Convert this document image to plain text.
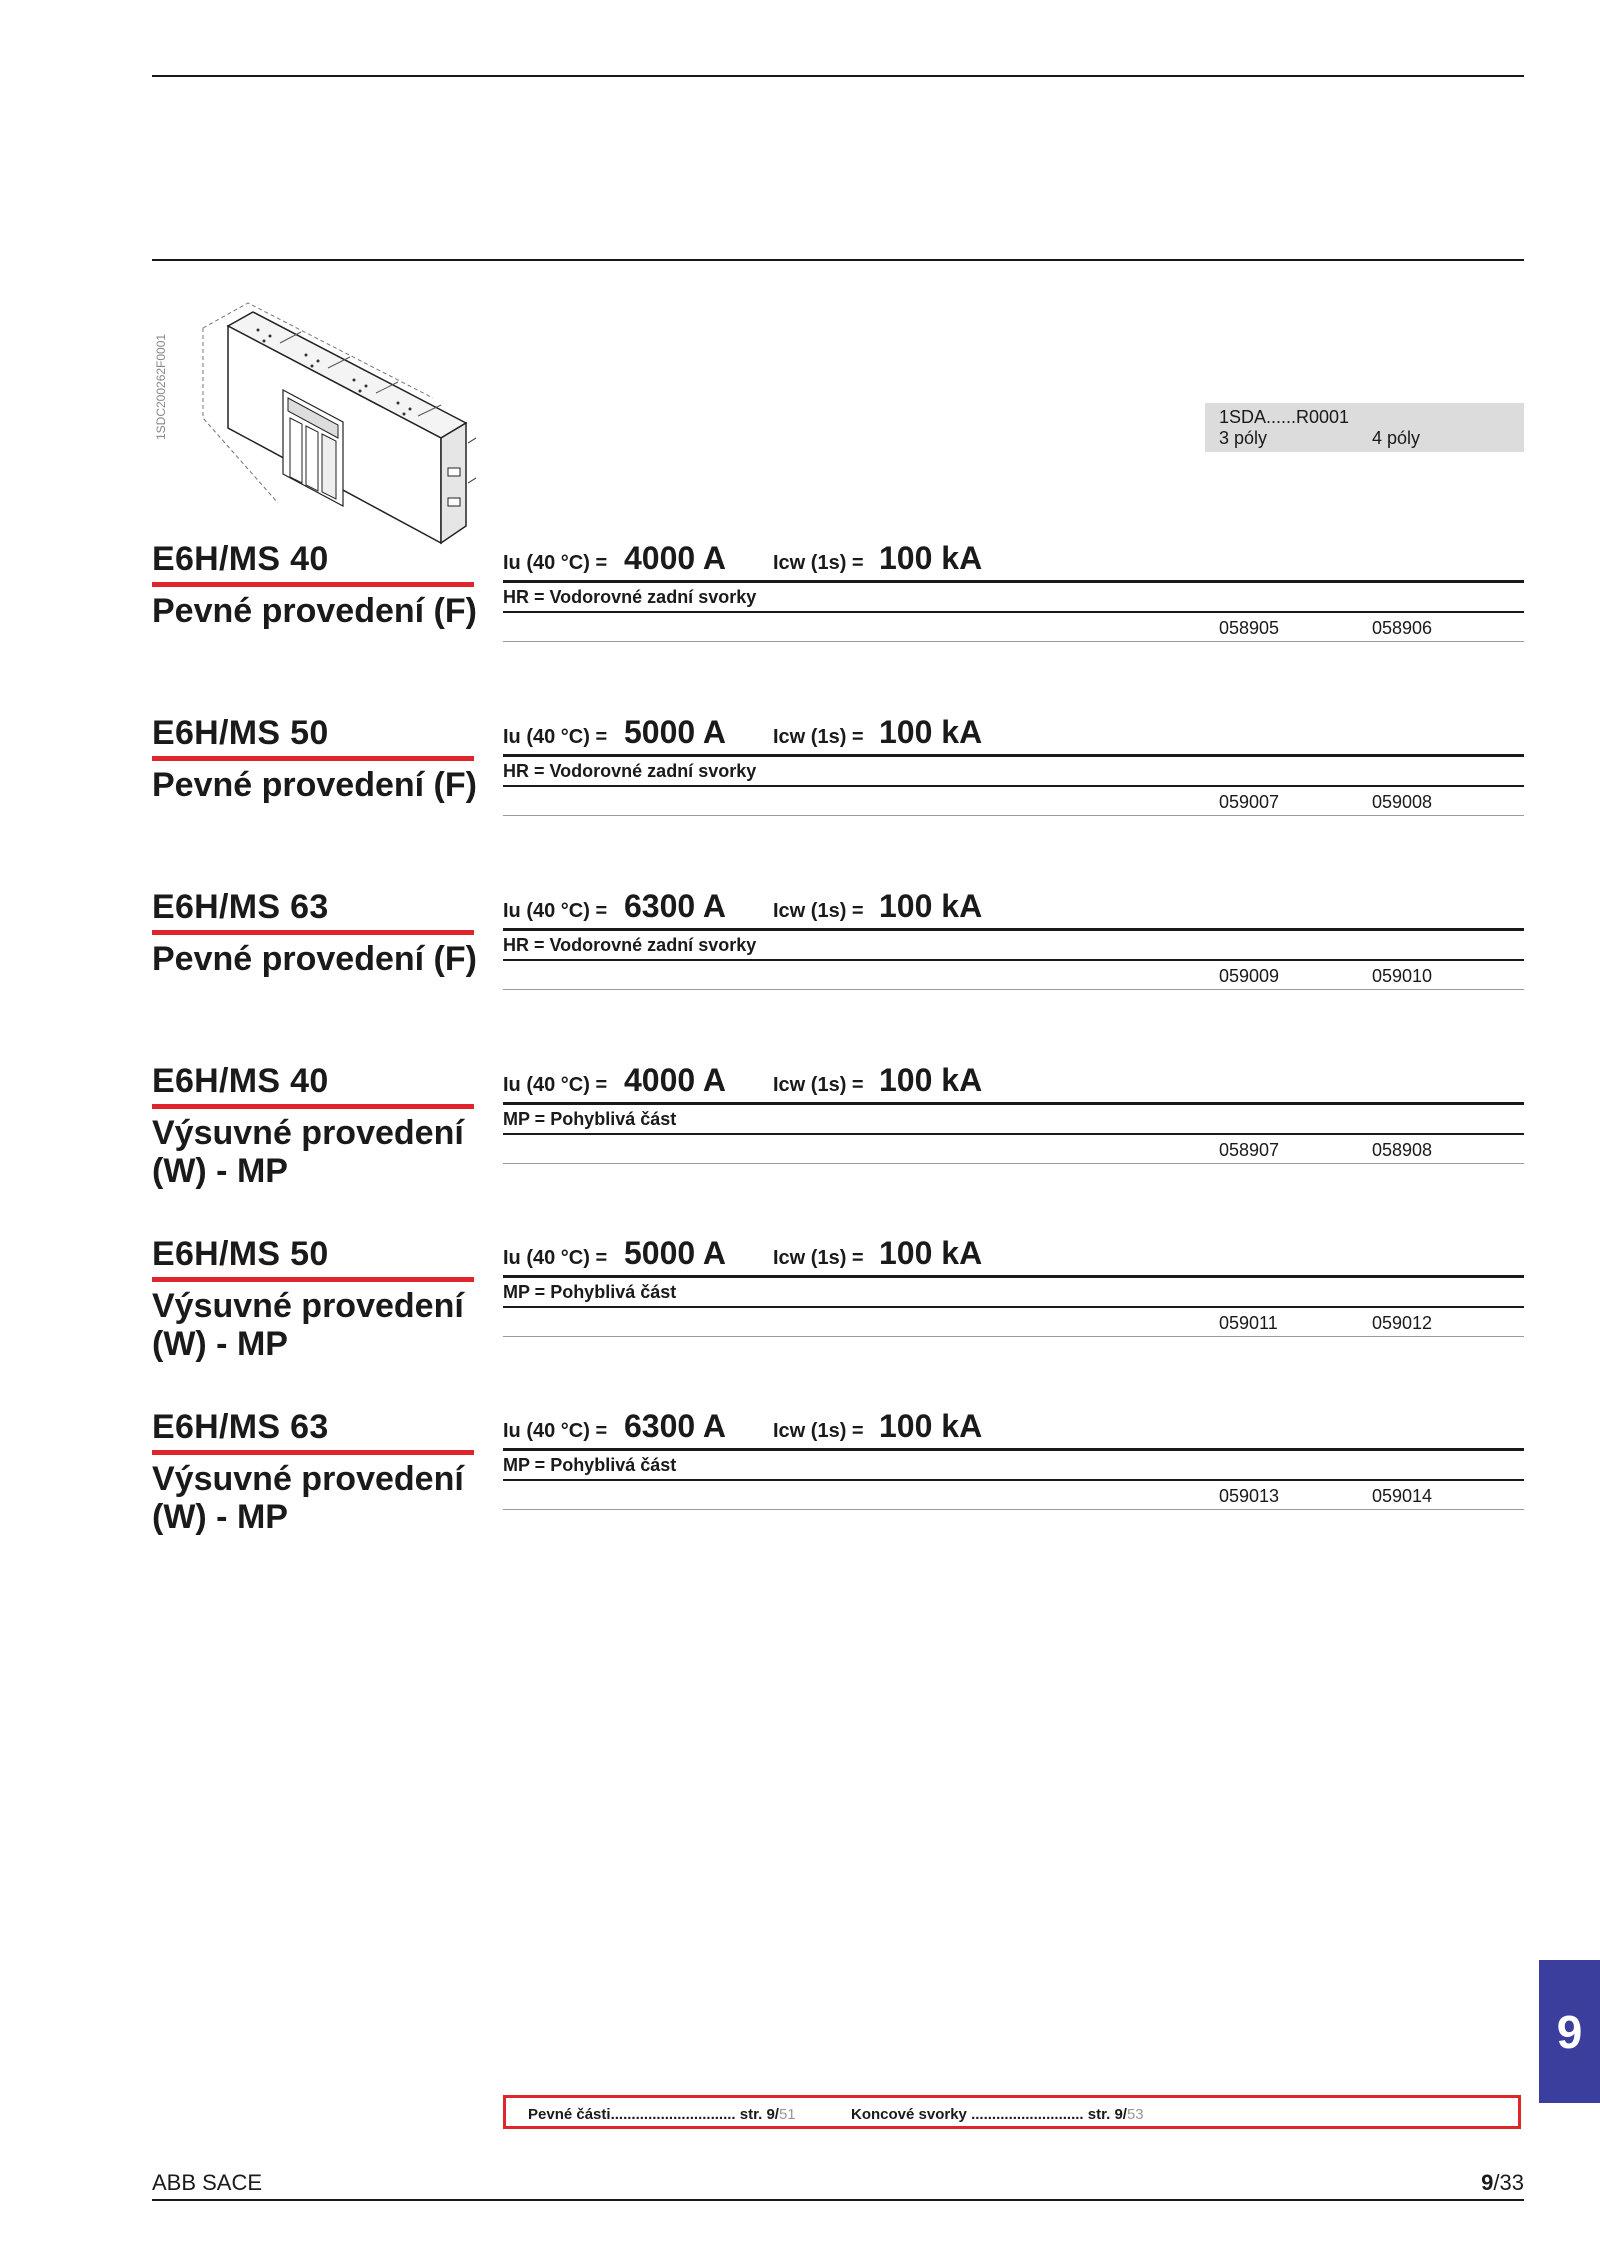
1SDC200262F0001	1SDA......R0001
3 póly	4 póly
E6H/MS 40
Pevné provedení (F)
Iu (40 °C) = 4000 A Icw (1s) = 100 kA
HR = Vodorovné zadní svorky
058905	058906
E6H/MS 50
Pevné provedení (F)
Iu (40 °C) = 5000 A Icw (1s) = 100 kA
HR = Vodorovné zadní svorky
059007	059008
E6H/MS 63
Pevné provedení (F)
Iu (40 °C) = 6300 A Icw (1s) = 100 kA
HR = Vodorovné zadní svorky
059009	059010
E6H/MS 40
Výsuvné provedení (W) - MP
Iu (40 °C) = 4000 A Icw (1s) = 100 kA
MP = Pohyblivá část
058907	058908
E6H/MS 50
Výsuvné provedení (W) - MP
Iu (40 °C) = 5000 A Icw (1s) = 100 kA
MP = Pohyblivá část
059011	059012
E6H/MS 63
Výsuvné provedení (W) - MP
Iu (40 °C) = 6300 A Icw (1s) = 100 kA
MP = Pohyblivá část
059013	059014
9
Pevné části.............................. str. 9/51	Koncové svorky ........................... str. 9/53
ABB SACE	9/33
